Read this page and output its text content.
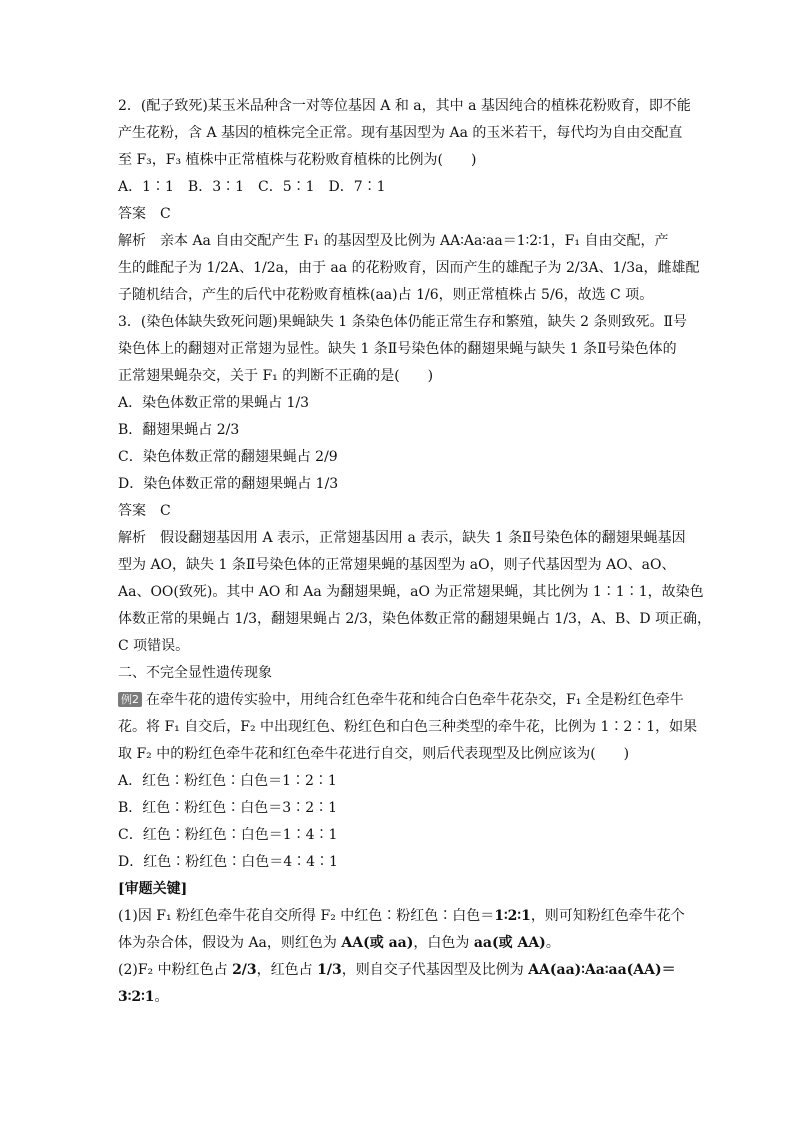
2．(配子致死)某玉米品种含一对等位基因 A 和 a，其中 a 基因纯合的植株花粉败育，即不能
产生花粉，含 A 基因的植株完全正常。现有基因型为 Aa 的玉米若干，每代均为自由交配直
至 F₃，F₃ 植株中正常植株与花粉败育植株的比例为(　　)
A．1∶1　B．3∶1　C．5∶1　D．7∶1
答案　C
解析　亲本 Aa 自由交配产生 F₁ 的基因型及比例为 AA∶Aa∶aa＝1∶2∶1，F₁ 自由交配，产
生的雌配子为 1/2A、1/2a，由于 aa 的花粉败育，因而产生的雄配子为 2/3A、1/3a，雌雄配
子随机结合，产生的后代中花粉败育植株(aa)占 1/6，则正常植株占 5/6，故选 C 项。
3．(染色体缺失致死问题)果蝇缺失 1 条染色体仍能正常生存和繁殖，缺失 2 条则致死。Ⅱ号
染色体上的翻翅对正常翅为显性。缺失 1 条Ⅱ号染色体的翻翅果蝇与缺失 1 条Ⅱ号染色体的
正常翅果蝇杂交，关于 F₁ 的判断不正确的是(　　)
A．染色体数正常的果蝇占 1/3
B．翻翅果蝇占 2/3
C．染色体数正常的翻翅果蝇占 2/9
D．染色体数正常的翻翅果蝇占 1/3
答案　C
解析　假设翻翅基因用 A 表示，正常翅基因用 a 表示，缺失 1 条Ⅱ号染色体的翻翅果蝇基因
型为 AO，缺失 1 条Ⅱ号染色体的正常翅果蝇的基因型为 aO，则子代基因型为 AO、aO、
Aa、OO(致死)。其中 AO 和 Aa 为翻翅果蝇，aO 为正常翅果蝇，其比例为 1∶1∶1，故染色
体数正常的果蝇占 1/3，翻翅果蝇占 2/3，染色体数正常的翻翅果蝇占 1/3，A、B、D 项正确，
C 项错误。
二、不完全显性遗传现象
例2 在牵牛花的遗传实验中，用纯合红色牵牛花和纯合白色牵牛花杂交，F₁ 全是粉红色牵牛
花。将 F₁ 自交后，F₂ 中出现红色、粉红色和白色三种类型的牵牛花，比例为 1∶2∶1，如果
取 F₂ 中的粉红色牵牛花和红色牵牛花进行自交，则后代表现型及比例应该为(　　)
A．红色∶粉红色∶白色＝1∶2∶1
B．红色∶粉红色∶白色＝3∶2∶1
C．红色∶粉红色∶白色＝1∶4∶1
D．红色∶粉红色∶白色＝4∶4∶1
[审题关键]
(1)因 F₁ 粉红色牵牛花自交所得 F₂ 中红色∶粉红色∶白色＝1∶2∶1，则可知粉红色牵牛花个
体为杂合体，假设为 Aa，则红色为 AA(或 aa)，白色为 aa(或 AA)。
(2)F₂ 中粉红色占 2/3，红色占 1/3，则自交子代基因型及比例为 AA(aa)∶Aa∶aa(AA)＝
3∶2∶1。
